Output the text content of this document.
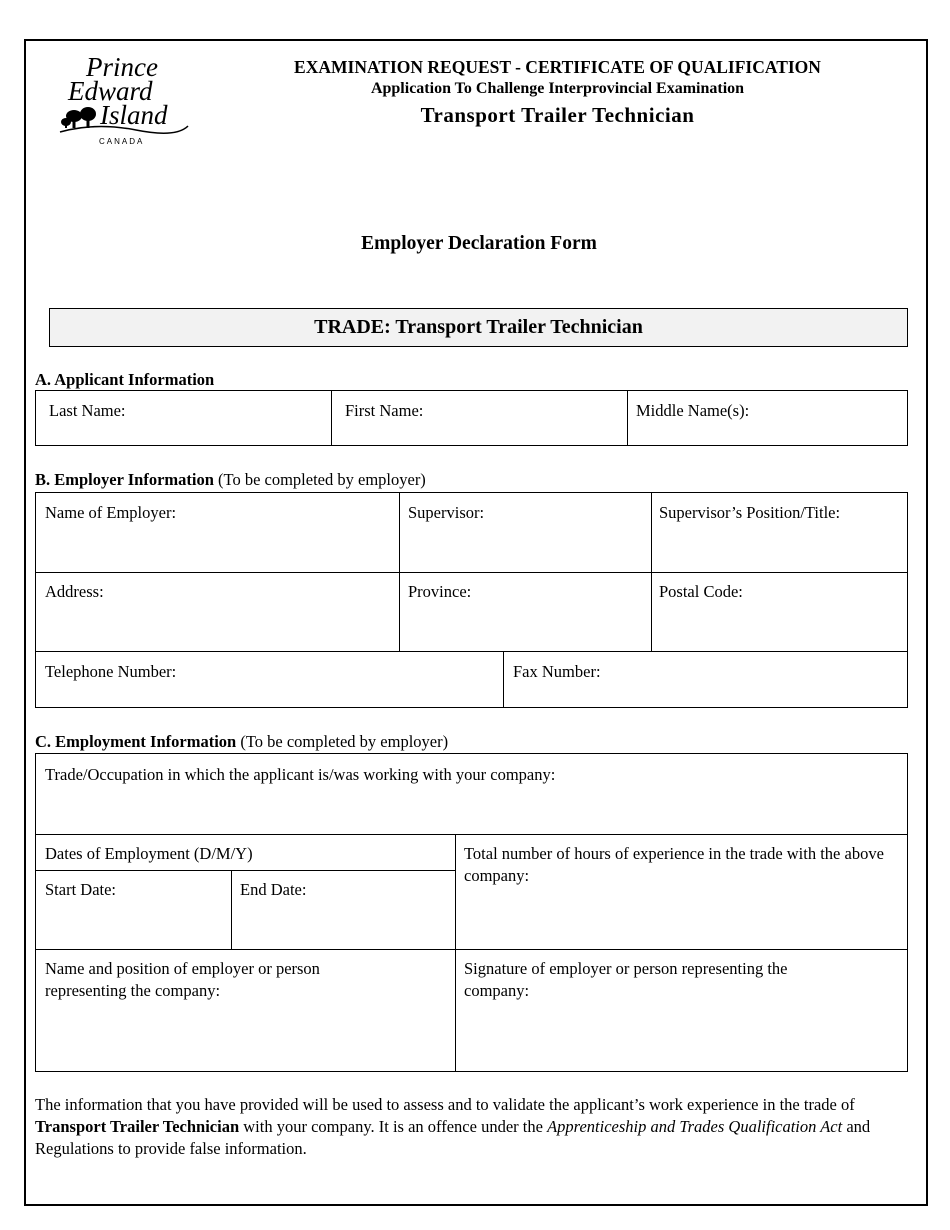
Prince
Edward
Island
CANADA
EXAMINATION REQUEST - CERTIFICATE OF QUALIFICATION
Application To Challenge Interprovincial Examination
Transport Trailer Technician
Employer Declaration Form
TRADE: Transport Trailer Technician
A. Applicant Information
Last Name:	First Name:	Middle Name(s):
B. Employer Information (To be completed by employer)
Name of Employer:	Supervisor:	Supervisor’s Position/Title:
Address:	Province:	Postal Code:
Telephone Number:	Fax Number:
C. Employment Information (To be completed by employer)
Trade/Occupation in which the applicant is/was working with your company:
Dates of Employment (D/M/Y)	Total number of hours of experience in the trade with the above company:
Start Date:	End Date:
Name and position of employer or person representing the company:
Signature of employer or person representing the company:
The information that you have provided will be used to assess and to validate the applicant’s work experience in the trade of Transport Trailer Technician with your company. It is an offence under the Apprenticeship and Trades Qualification Act and Regulations to provide false information.
